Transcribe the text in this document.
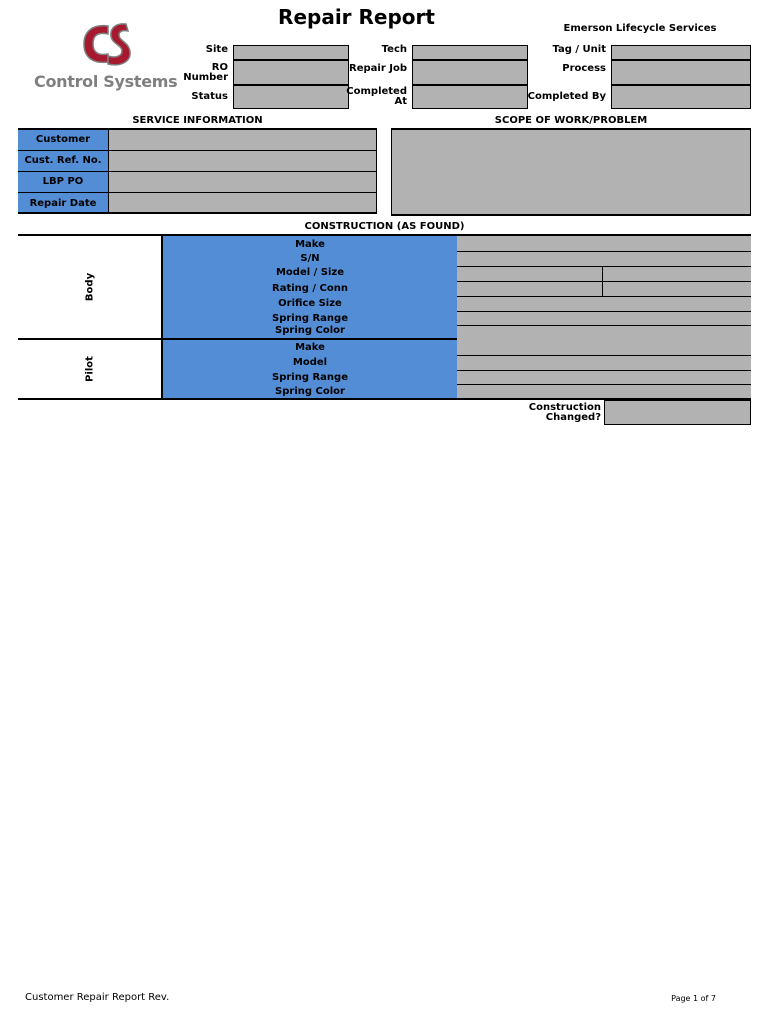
Control Systems
Repair Report	Emerson Lifecycle Services
Site
RO
Number
Status
Tech
Repair Job
Completed
At
Tag / Unit
Process
Completed By
SERVICE INFORMATION
Customer
Cust. Ref. No.
LBP PO
Repair Date
SCOPE OF WORK/PROBLEM
CONSTRUCTION (AS FOUND)
Body
Make
S/N
Model / Size
Rating / Conn
Orifice Size
Spring Range
Spring Color
Pilot
Make
Model
Spring Range
Spring Color
Construction
Changed?
Customer Repair Report Rev.	Page 1 of 7
